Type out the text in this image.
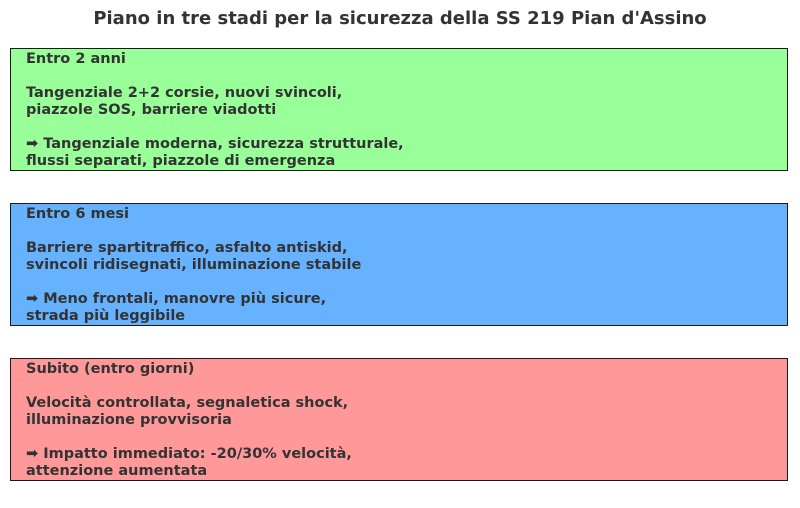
Piano in tre stadi per la sicurezza della SS 219 Pian d'Assino
Entro 2 anni
Tangenziale 2+2 corsie, nuovi svincoli,
piazzole SOS, barriere viadotti
➡ Tangenziale moderna, sicurezza strutturale,
flussi separati, piazzole di emergenza
Entro 6 mesi
Barriere spartitraffico, asfalto antiskid,
svincoli ridisegnati, illuminazione stabile
➡ Meno frontali, manovre più sicure,
strada più leggibile
Subito (entro giorni)
Velocità controllata, segnaletica shock,
illuminazione provvisoria
➡ Impatto immediato: -20/30% velocità,
attenzione aumentata
